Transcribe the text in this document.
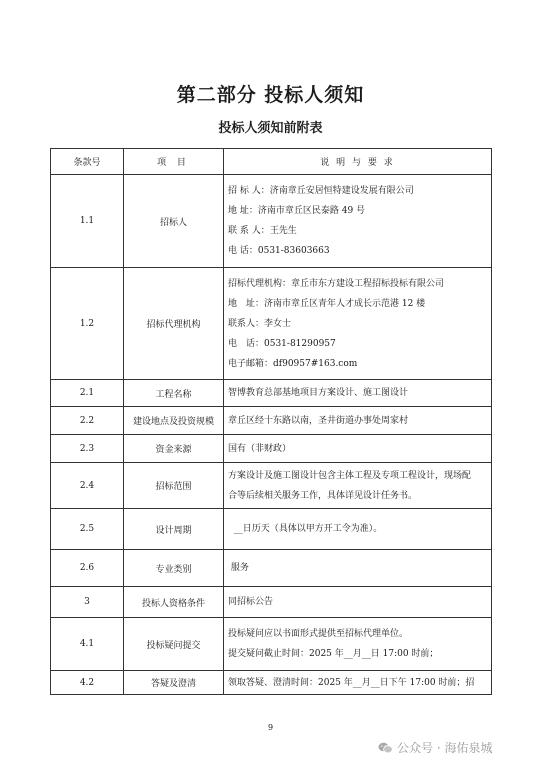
第二部分 投标人须知
投标人须知前附表
条款号	项 目	说 明 与 要 求
1.1	招标人	招 标 人：济南章丘安居恒特建设发展有限公司
地 址：济南市章丘区民泰路 49 号
联 系 人：王先生
电 话：0531-83603663

1.2	招标代理机构	招标代理机构：章丘市东方建设工程招标投标有限公司
地　址：济南市章丘区青年人才成长示范港 12 楼
联系人：李女士
电　话：0531-81290957
电子邮箱：df90957#163.com

2.1	工程名称	智博教育总部基地项目方案设计、施工图设计

2.2	建设地点及投资规模	章丘区经十东路以南，圣井街道办事处周家村

2.3	资金来源	国有（非财政）

2.4	招标范围	方案设计及施工图设计包含主体工程及专项工程设计，现场配
合等后续相关服务工作，具体详见设计任务书。

2.5	设计周期	__日历天（具体以甲方开工令为准）。

2.6	专业类别	服务

3	投标人资格条件	同招标公告

4.1	投标疑问提交	投标疑问应以书面形式提供至招标代理单位。
提交疑问截止时间：2025 年__月__日 17:00 时前；

4.2	答疑及澄清	领取答疑、澄清时间：2025 年__月__日下午 17:00 时前；招
9
公众号 · 海佑泉城
